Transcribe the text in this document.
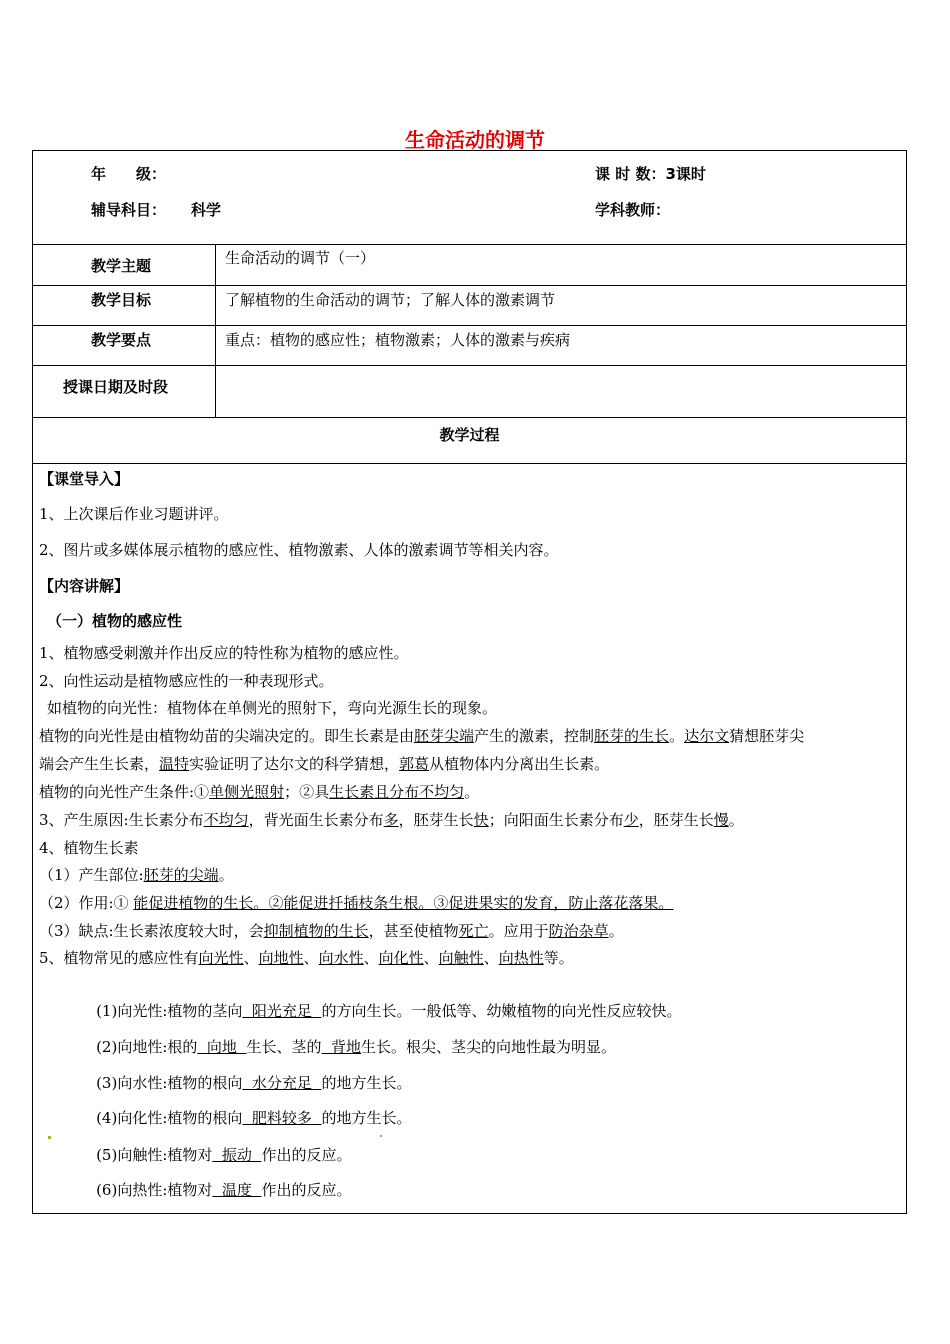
生命活动的调节
年　　级：	课 时 数：3课时
辅导科目： 科学	学科教师：
教学主题	生命活动的调节（一）
教学目标	了解植物的生命活动的调节；了解人体的激素调节
教学要点	重点：植物的感应性；植物激素；人体的激素与疾病
授课日期及时段
教学过程
【课堂导入】
1、上次课后作业习题讲评。
2、图片或多媒体展示植物的感应性、植物激素、人体的激素调节等相关内容。
【内容讲解】
（一）植物的感应性
1、植物感受刺激并作出反应的特性称为植物的感应性。
2、向性运动是植物感应性的一种表现形式。
如植物的向光性：植物体在单侧光的照射下，弯向光源生长的现象。
植物的向光性是由植物幼苗的尖端决定的。即生长素是由胚芽尖端产生的激素，控制胚芽的生长。达尔文猜想胚芽尖
端会产生生长素，温特实验证明了达尔文的科学猜想，郭葛从植物体内分离出生长素。
植物的向光性产生条件:①单侧光照射；②具生长素且分布不均匀。
3、产生原因:生长素分布不均匀，背光面生长素分布多，胚芽生长快；向阳面生长素分布少，胚芽生长慢。
4、植物生长素
（1）产生部位:胚芽的尖端。
（2）作用:① 能促进植物的生长。②能促进扦插枝条生根。③促进果实的发育，防止落花落果。
（3）缺点:生长素浓度较大时，会抑制植物的生长，甚至使植物死亡。应用于防治杂草。
5、植物常见的感应性有向光性、向地性、向水性、向化性、向触性、向热性等。

(1)向光性:植物的茎向  阳光充足  的方向生长。一般低等、幼嫩植物的向光性反应较快。

(2)向地性:根的  向地  生长、茎的  背地生长。根尖、茎尖的向地性最为明显。

(3)向水性:植物的根向  水分充足  的地方生长。

(4)向化性:植物的根向  肥料较多  的地方生长。

(5)向触性:植物对  振动  作出的反应。

(6)向热性:植物对  温度  作出的反应。
